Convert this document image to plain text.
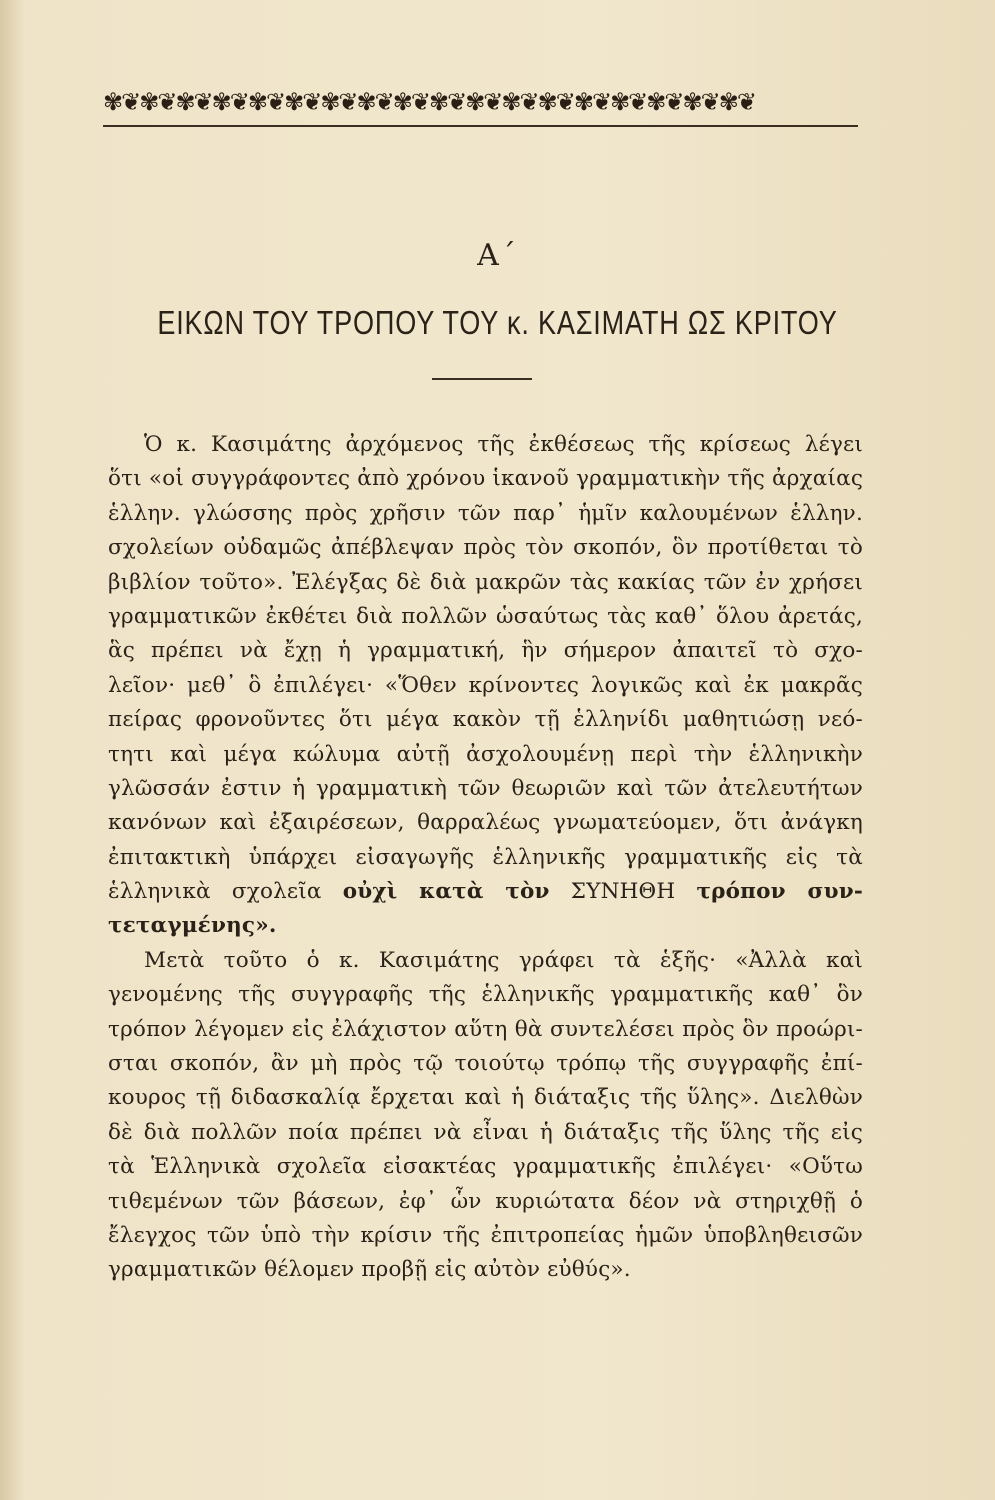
✾❦✾❦✾❦✾❦✾❦✾❦✾❦✾❦✾❦✾❦✾❦✾❦✾❦✾❦✾❦✾❦✾❦✾❦
Α΄
ΕΙΚΩΝ ΤΟΥ ΤΡΟΠΟΥ ΤΟΥ κ. ΚΑΣΙΜΑΤΗ ΩΣ ΚΡΙΤΟΥ
Ὁ κ. Κασιμάτης ἀρχόμενος τῆς ἐκθέσεως τῆς κρίσεως λέγει
ὅτι «οἱ συγγράφοντες ἀπὸ χρόνου ἱκανοῦ γραμματικὴν τῆς ἀρχαίας
ἑλλην. γλώσσης πρὸς χρῆσιν τῶν παρ᾿ ἡμῖν καλουμένων ἑλλην.
σχολείων οὐδαμῶς ἀπέβλεψαν πρὸς τὸν σκοπόν, ὃν προτίθεται τὸ
βιβλίον τοῦτο». Ἐλέγξας δὲ διὰ μακρῶν τὰς κακίας τῶν ἐν χρήσει
γραμματικῶν ἐκθέτει διὰ πολλῶν ὡσαύτως τὰς καθ᾿ ὅλου ἀρετάς,
ἃς πρέπει νὰ ἔχῃ ἡ γραμματική, ἣν σήμερον ἀπαιτεῖ τὸ σχο-
λεῖον· μεθ᾿ ὃ ἐπιλέγει· «Ὅθεν κρίνοντες λογικῶς καὶ ἐκ μακρᾶς
πείρας φρονοῦντες ὅτι μέγα κακὸν τῇ ἑλληνίδι μαθητιώσῃ νεό-
τητι καὶ μέγα κώλυμα αὐτῇ ἀσχολουμένῃ περὶ τὴν ἑλληνικὴν
γλῶσσάν ἐστιν ἡ γραμματικὴ τῶν θεωριῶν καὶ τῶν ἀτελευτήτων
κανόνων καὶ ἐξαιρέσεων, θαρραλέως γνωματεύομεν, ὅτι ἀνάγκη
ἐπιτακτικὴ ὑπάρχει εἰσαγωγῆς ἑλληνικῆς γραμματικῆς εἰς τὰ
ἑλληνικὰ σχολεῖα οὐχὶ κατὰ τὸν ΣΥΝΗΘΗ τρόπον συν-
τεταγμένης».
Μετὰ τοῦτο ὁ κ. Κασιμάτης γράφει τὰ ἑξῆς· «Ἀλλὰ καὶ
γενομένης τῆς συγγραφῆς τῆς ἑλληνικῆς γραμματικῆς καθ᾿ ὃν
τρόπον λέγομεν εἰς ἐλάχιστον αὕτη θὰ συντελέσει πρὸς ὃν προώρι-
σται σκοπόν, ἂν μὴ πρὸς τῷ τοιούτῳ τρόπῳ τῆς συγγραφῆς ἐπί-
κουρος τῇ διδασκαλίᾳ ἔρχεται καὶ ἡ διάταξις τῆς ὕλης». Διελθὼν
δὲ διὰ πολλῶν ποία πρέπει νὰ εἶναι ἡ διάταξις τῆς ὕλης τῆς εἰς
τὰ Ἑλληνικὰ σχολεῖα εἰσακτέας γραμματικῆς ἐπιλέγει· «Οὕτω
τιθεμένων τῶν βάσεων, ἐφ᾿ ὧν κυριώτατα δέον νὰ στηριχθῇ ὁ
ἔλεγχος τῶν ὑπὸ τὴν κρίσιν τῆς ἐπιτροπείας ἡμῶν ὑποβληθεισῶν
γραμματικῶν θέλομεν προβῇ εἰς αὐτὸν εὐθύς».
